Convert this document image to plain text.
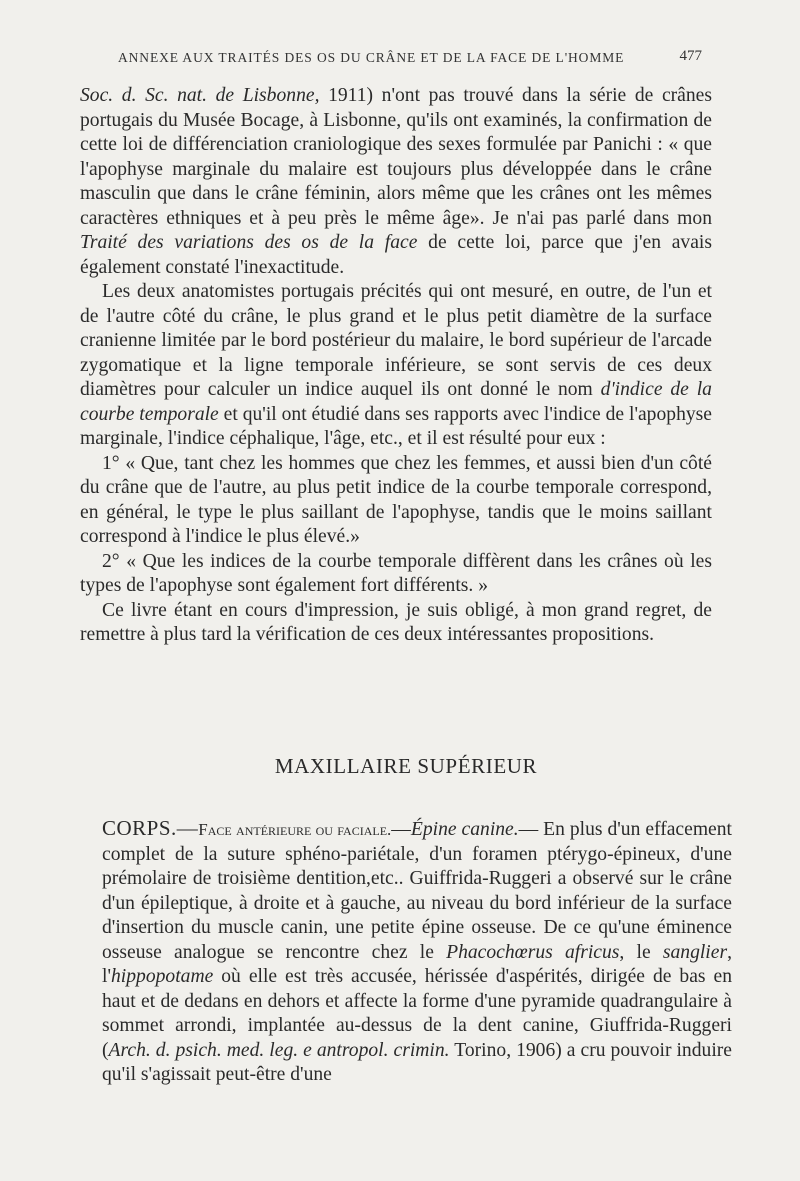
ANNEXE AUX TRAITÉS DES OS DU CRÂNE ET DE LA FACE DE L'HOMME	477

Soc. d. Sc. nat. de Lisbonne, 1911) n'ont pas trouvé dans la série de crânes portugais du Musée Bocage, à Lisbonne, qu'ils ont examinés, la confirmation de cette loi de différenciation craniologique des sexes formulée par Panichi : « que l'apophyse marginale du malaire est toujours plus développée dans le crâne masculin que dans le crâne féminin, alors même que les crânes ont les mêmes caractères ethniques et à peu près le même âge». Je n'ai pas parlé dans mon Traité des variations des os de la face de cette loi, parce que j'en avais également constaté l'inexactitude.

Les deux anatomistes portugais précités qui ont mesuré, en outre, de l'un et de l'autre côté du crâne, le plus grand et le plus petit diamètre de la surface cranienne limitée par le bord postérieur du malaire, le bord supérieur de l'arcade zygomatique et la ligne temporale inférieure, se sont servis de ces deux diamètres pour calculer un indice auquel ils ont donné le nom d'indice de la courbe temporale et qu'il ont étudié dans ses rapports avec l'indice de l'apophyse marginale, l'indice céphalique, l'âge, etc., et il est résulté pour eux :

1° « Que, tant chez les hommes que chez les femmes, et aussi bien d'un côté du crâne que de l'autre, au plus petit indice de la courbe temporale correspond, en général, le type le plus saillant de l'apophyse, tandis que le moins saillant correspond à l'indice le plus élevé.»

2° « Que les indices de la courbe temporale diffèrent dans les crânes où les types de l'apophyse sont également fort différents. »

Ce livre étant en cours d'impression, je suis obligé, à mon grand regret, de remettre à plus tard la vérification de ces deux intéressantes propositions.

MAXILLAIRE SUPÉRIEUR

CORPS.—Face antérieure ou faciale.—Épine canine.— En plus d'un effacement complet de la suture sphéno-pariétale, d'un foramen ptérygo-épineux, d'une prémolaire de troisième dentition,etc.. Guiffrida-Ruggeri a observé sur le crâne d'un épileptique, à droite et à gauche, au niveau du bord inférieur de la surface d'insertion du muscle canin, une petite épine osseuse. De ce qu'une éminence osseuse analogue se rencontre chez le Phacochœrus africus, le sanglier, l'hippopotame où elle est très accusée, hérissée d'aspérités, dirigée de bas en haut et de dedans en dehors et affecte la forme d'une pyramide quadrangulaire à sommet arrondi, implantée au-dessus de la dent canine, Giuffrida-Ruggeri (Arch. d. psich. med. leg. e antropol. crimin. Torino, 1906) a cru pouvoir induire qu'il s'agissait peut-être d'une
